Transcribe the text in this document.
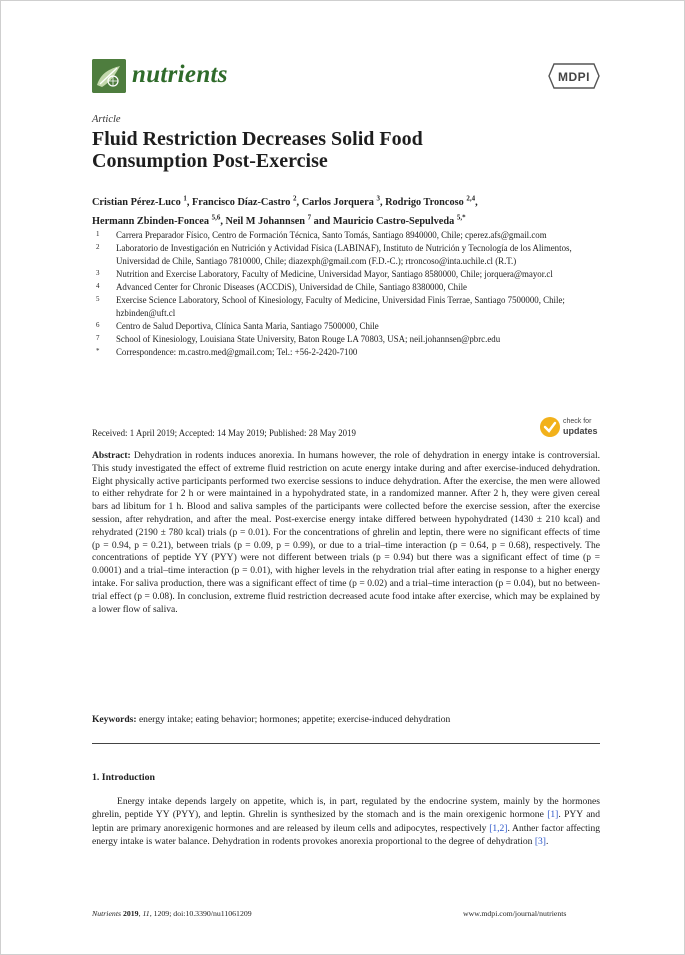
nutrients	MDPI
Article
Fluid Restriction Decreases Solid Food
Consumption Post-Exercise
Cristian Pérez-Luco $^1$, Francisco Díaz-Castro $^2$, Carlos Jorquera $^3$, Rodrigo Troncoso $^{2,4}$,
Hermann Zbinden-Foncea $^{5,6}$, Neil M Johannsen $^7$ and Mauricio Castro-Sepulveda $^{5,*}$
1 Carrera Preparador Físico, Centro de Formación Técnica, Santo Tomás, Santiago 8940000, Chile; cperez.afs@gmail.com
2 Laboratorio de Investigación en Nutrición y Actividad Física (LABINAF), Instituto de Nutrición y Tecnología de los Alimentos, Universidad de Chile, Santiago 7810000, Chile; diazexph@gmail.com (F.D.-C.); rtroncoso@inta.uchile.cl (R.T.)
3 Nutrition and Exercise Laboratory, Faculty of Medicine, Universidad Mayor, Santiago 8580000, Chile; jorquera@mayor.cl
4 Advanced Center for Chronic Diseases (ACCDiS), Universidad de Chile, Santiago 8380000, Chile
5 Exercise Science Laboratory, School of Kinesiology, Faculty of Medicine, Universidad Finis Terrae, Santiago 7500000, Chile; hzbinden@uft.cl
6 Centro de Salud Deportiva, Clínica Santa Maria, Santiago 7500000, Chile
7 School of Kinesiology, Louisiana State University, Baton Rouge LA 70803, USA; neil.johannsen@pbrc.edu
* Correspondence: m.castro.med@gmail.com; Tel.: +56-2-2420-7100
Received: 1 April 2019; Accepted: 14 May 2019; Published: 28 May 2019
check for
updates
Abstract: Dehydration in rodents induces anorexia. In humans however, the role of dehydration in energy intake is controversial. This study investigated the effect of extreme fluid restriction on acute energy intake during and after exercise-induced dehydration. Eight physically active participants performed two exercise sessions to induce dehydration. After the exercise, the men were allowed to either rehydrate for 2 h or were maintained in a hypohydrated state, in a randomized manner. After 2 h, they were given cereal bars ad libitum for 1 h. Blood and saliva samples of the participants were collected before the exercise session, after the exercise session, after rehydration, and after the meal. Post-exercise energy intake differed between hypohydrated (1430 ± 210 kcal) and rehydrated (2190 ± 780 kcal) trials (p = 0.01). For the concentrations of ghrelin and leptin, there were no significant effects of time (p = 0.94, p = 0.21), between trials (p = 0.09, p = 0.99), or due to a trial–time interaction (p = 0.64, p = 0.68), respectively. The concentrations of peptide YY (PYY) were not different between trials (p = 0.94) but there was a significant effect of time (p = 0.0001) and a trial–time interaction (p = 0.01), with higher levels in the rehydration trial after eating in response to a higher energy intake. For saliva production, there was a significant effect of time (p = 0.02) and a trial–time interaction (p = 0.04), but no between-trial effect (p = 0.08). In conclusion, extreme fluid restriction decreased acute food intake after exercise, which may be explained by a lower flow of saliva.
Keywords: energy intake; eating behavior; hormones; appetite; exercise-induced dehydration
1. Introduction
Energy intake depends largely on appetite, which is, in part, regulated by the endocrine system, mainly by the hormones ghrelin, peptide YY (PYY), and leptin. Ghrelin is synthesized by the stomach and is the main orexigenic hormone [1]. PYY and leptin are primary anorexigenic hormones and are released by ileum cells and adipocytes, respectively [1,2]. Anther factor affecting energy intake is water balance. Dehydration in rodents provokes anorexia proportional to the degree of dehydration [3].
Nutrients 2019, 11, 1209; doi:10.3390/nu11061209	www.mdpi.com/journal/nutrients
